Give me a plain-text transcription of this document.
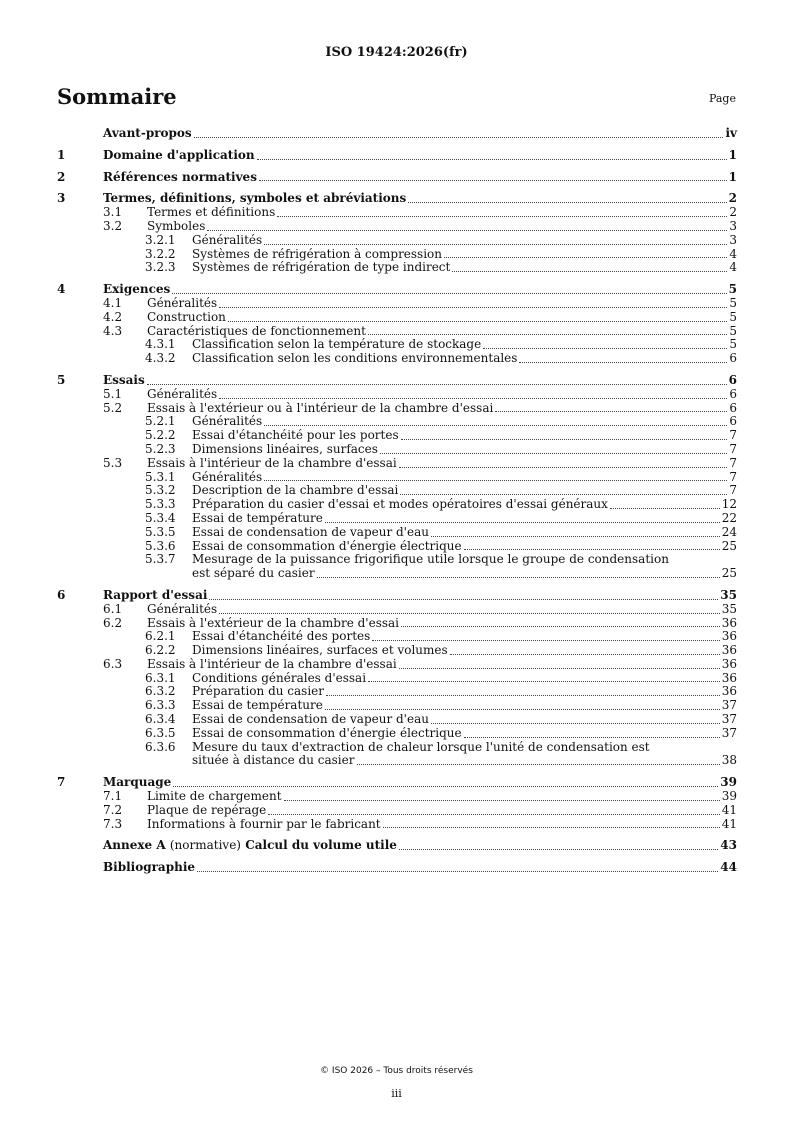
ISO 19424:2026(fr)
Sommaire	Page
Avant-propos	iv
1	Domaine d'application	1
2	Références normatives	1
3	Termes, définitions, symboles et abréviations	2
3.1	Termes et définitions	2
3.2	Symboles	3
3.2.1	Généralités	3
3.2.2	Systèmes de réfrigération à compression	4
3.2.3	Systèmes de réfrigération de type indirect	4
4	Exigences	5
4.1	Généralités	5
4.2	Construction	5
4.3	Caractéristiques de fonctionnement	5
4.3.1	Classification selon la température de stockage	5
4.3.2	Classification selon les conditions environnementales	6
5	Essais	6
5.1	Généralités	6
5.2	Essais à l'extérieur ou à l'intérieur de la chambre d'essai	6
5.2.1	Généralités	6
5.2.2	Essai d'étanchéité pour les portes	7
5.2.3	Dimensions linéaires, surfaces	7
5.3	Essais à l'intérieur de la chambre d'essai	7
5.3.1	Généralités	7
5.3.2	Description de la chambre d'essai	7
5.3.3	Préparation du casier d'essai et modes opératoires d'essai généraux	12
5.3.4	Essai de température	22
5.3.5	Essai de condensation de vapeur d'eau	24
5.3.6	Essai de consommation d'énergie électrique	25
5.3.7	Mesurage de la puissance frigorifique utile lorsque le groupe de condensation
est séparé du casier	25
6	Rapport d'essai	35
6.1	Généralités	35
6.2	Essais à l'extérieur de la chambre d'essai	36
6.2.1	Essai d'étanchéité des portes	36
6.2.2	Dimensions linéaires, surfaces et volumes	36
6.3	Essais à l'intérieur de la chambre d'essai	36
6.3.1	Conditions générales d'essai	36
6.3.2	Préparation du casier	36
6.3.3	Essai de température	37
6.3.4	Essai de condensation de vapeur d'eau	37
6.3.5	Essai de consommation d'énergie électrique	37
6.3.6	Mesure du taux d'extraction de chaleur lorsque l'unité de condensation est
située à distance du casier	38
7	Marquage	39
7.1	Limite de chargement	39
7.2	Plaque de repérage	41
7.3	Informations à fournir par le fabricant	41
Annexe A (normative) Calcul du volume utile	43
Bibliographie	44
© ISO 2026 – Tous droits réservés
iii
